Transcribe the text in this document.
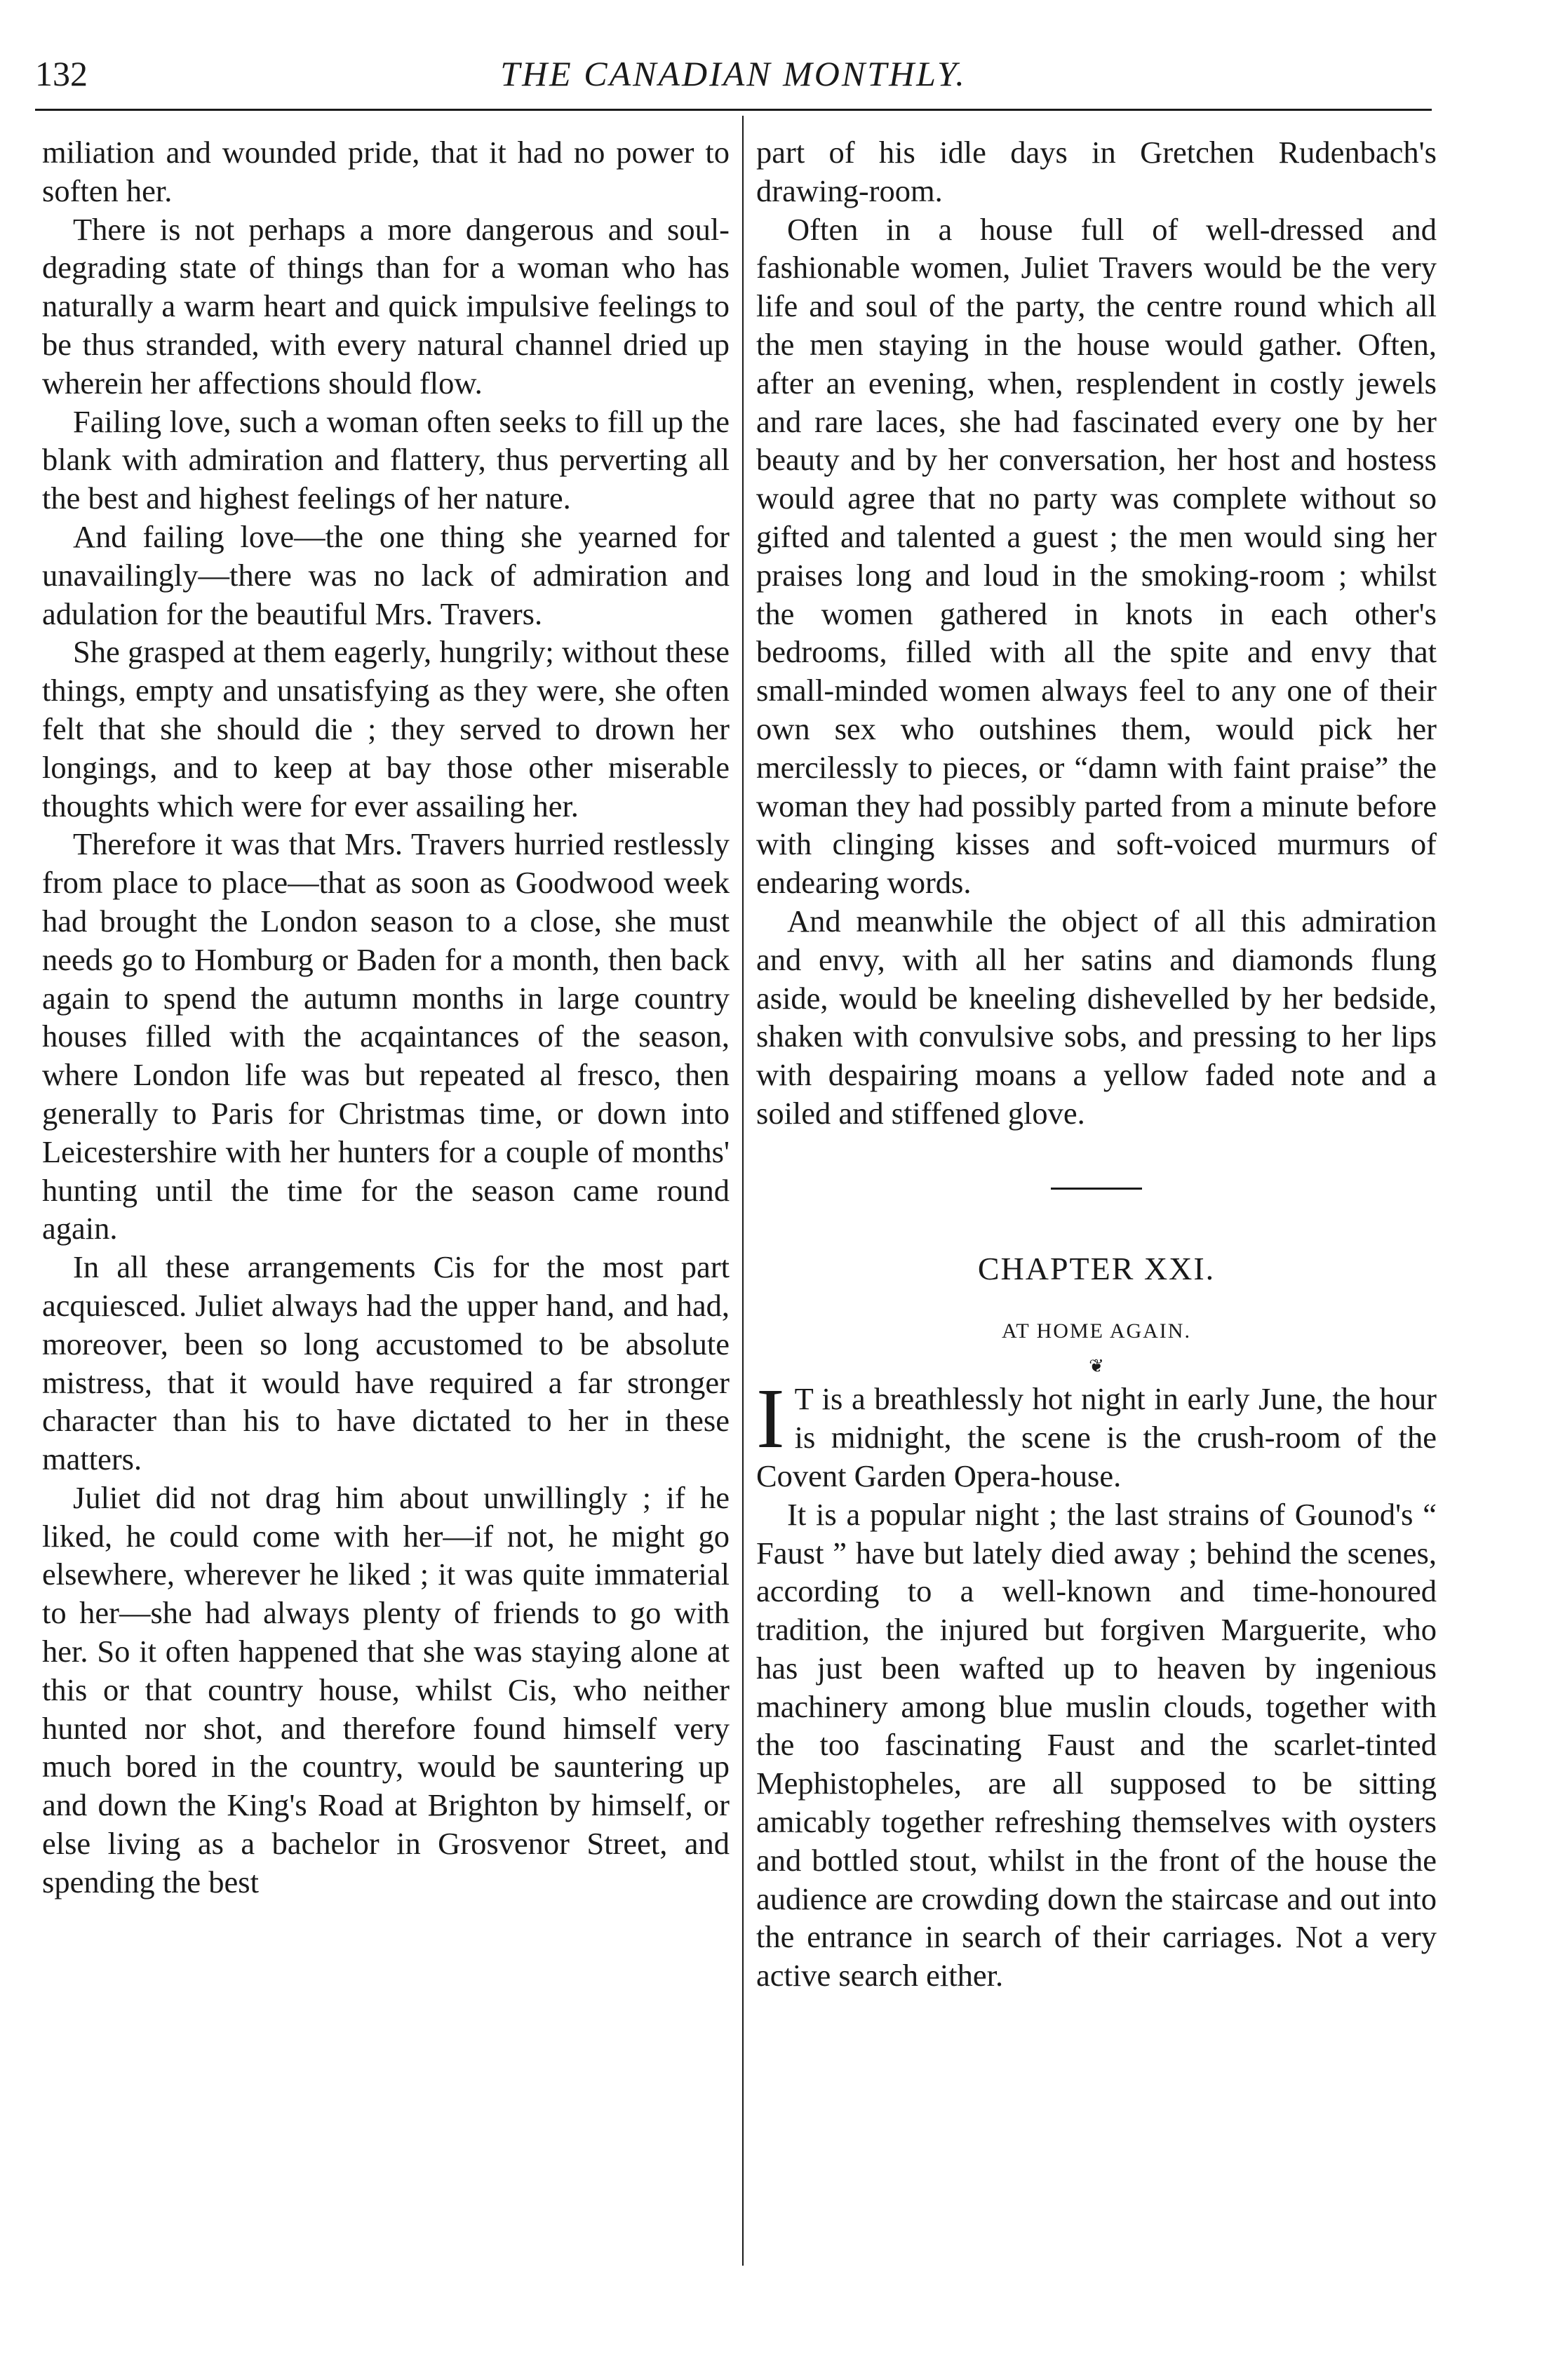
132	THE CANADIAN MONTHLY.

miliation and wounded pride, that it had no power to soften her.

There is not perhaps a more dangerous and soul-degrading state of things than for a woman who has naturally a warm heart and quick impulsive feelings to be thus stranded, with every natural channel dried up wherein her affections should flow.

Failing love, such a woman often seeks to fill up the blank with admiration and flattery, thus perverting all the best and highest feelings of her nature.

And failing love—the one thing she yearned for unavailingly—there was no lack of admiration and adulation for the beautiful Mrs. Travers.

She grasped at them eagerly, hungrily; without these things, empty and unsatisfying as they were, she often felt that she should die ; they served to drown her longings, and to keep at bay those other miserable thoughts which were for ever assailing her.

Therefore it was that Mrs. Travers hurried restlessly from place to place—that as soon as Goodwood week had brought the London season to a close, she must needs go to Homburg or Baden for a month, then back again to spend the autumn months in large country houses filled with the acqaintances of the season, where London life was but repeated al fresco, then generally to Paris for Christmas time, or down into Leicestershire with her hunters for a couple of months' hunting until the time for the season came round again.

In all these arrangements Cis for the most part acquiesced. Juliet always had the upper hand, and had, moreover, been so long accustomed to be absolute mistress, that it would have required a far stronger character than his to have dictated to her in these matters.

Juliet did not drag him about unwillingly ; if he liked, he could come with her—if not, he might go elsewhere, wherever he liked ; it was quite immaterial to her—she had always plenty of friends to go with her. So it often happened that she was staying alone at this or that country house, whilst Cis, who neither hunted nor shot, and therefore found himself very much bored in the country, would be sauntering up and down the King's Road at Brighton by himself, or else living as a bachelor in Grosvenor Street, and spending the best

part of his idle days in Gretchen Rudenbach's drawing-room.

Often in a house full of well-dressed and fashionable women, Juliet Travers would be the very life and soul of the party, the centre round which all the men staying in the house would gather. Often, after an evening, when, resplendent in costly jewels and rare laces, she had fascinated every one by her beauty and by her conversation, her host and hostess would agree that no party was complete without so gifted and talented a guest ; the men would sing her praises long and loud in the smoking-room ; whilst the women gathered in knots in each other's bedrooms, filled with all the spite and envy that small-minded women always feel to any one of their own sex who outshines them, would pick her mercilessly to pieces, or “damn with faint praise” the woman they had possibly parted from a minute before with clinging kisses and soft-voiced murmurs of endearing words.

And meanwhile the object of all this admiration and envy, with all her satins and diamonds flung aside, would be kneeling dishevelled by her bedside, shaken with convulsive sobs, and pressing to her lips with despairing moans a yellow faded note and a soiled and stiffened glove.

CHAPTER XXI.
AT HOME AGAIN.
❦

I T is a breathlessly hot night in early June, the hour is midnight, the scene is the crush-room of the Covent Garden Opera-house.

It is a popular night ; the last strains of Gounod's “ Faust ” have but lately died away ; behind the scenes, according to a well-known and time-honoured tradition, the injured but forgiven Marguerite, who has just been wafted up to heaven by ingenious machinery among blue muslin clouds, together with the too fascinating Faust and the scarlet-tinted Mephistopheles, are all supposed to be sitting amicably together refreshing themselves with oysters and bottled stout, whilst in the front of the house the audience are crowding down the staircase and out into the entrance in search of their carriages. Not a very active search either.
